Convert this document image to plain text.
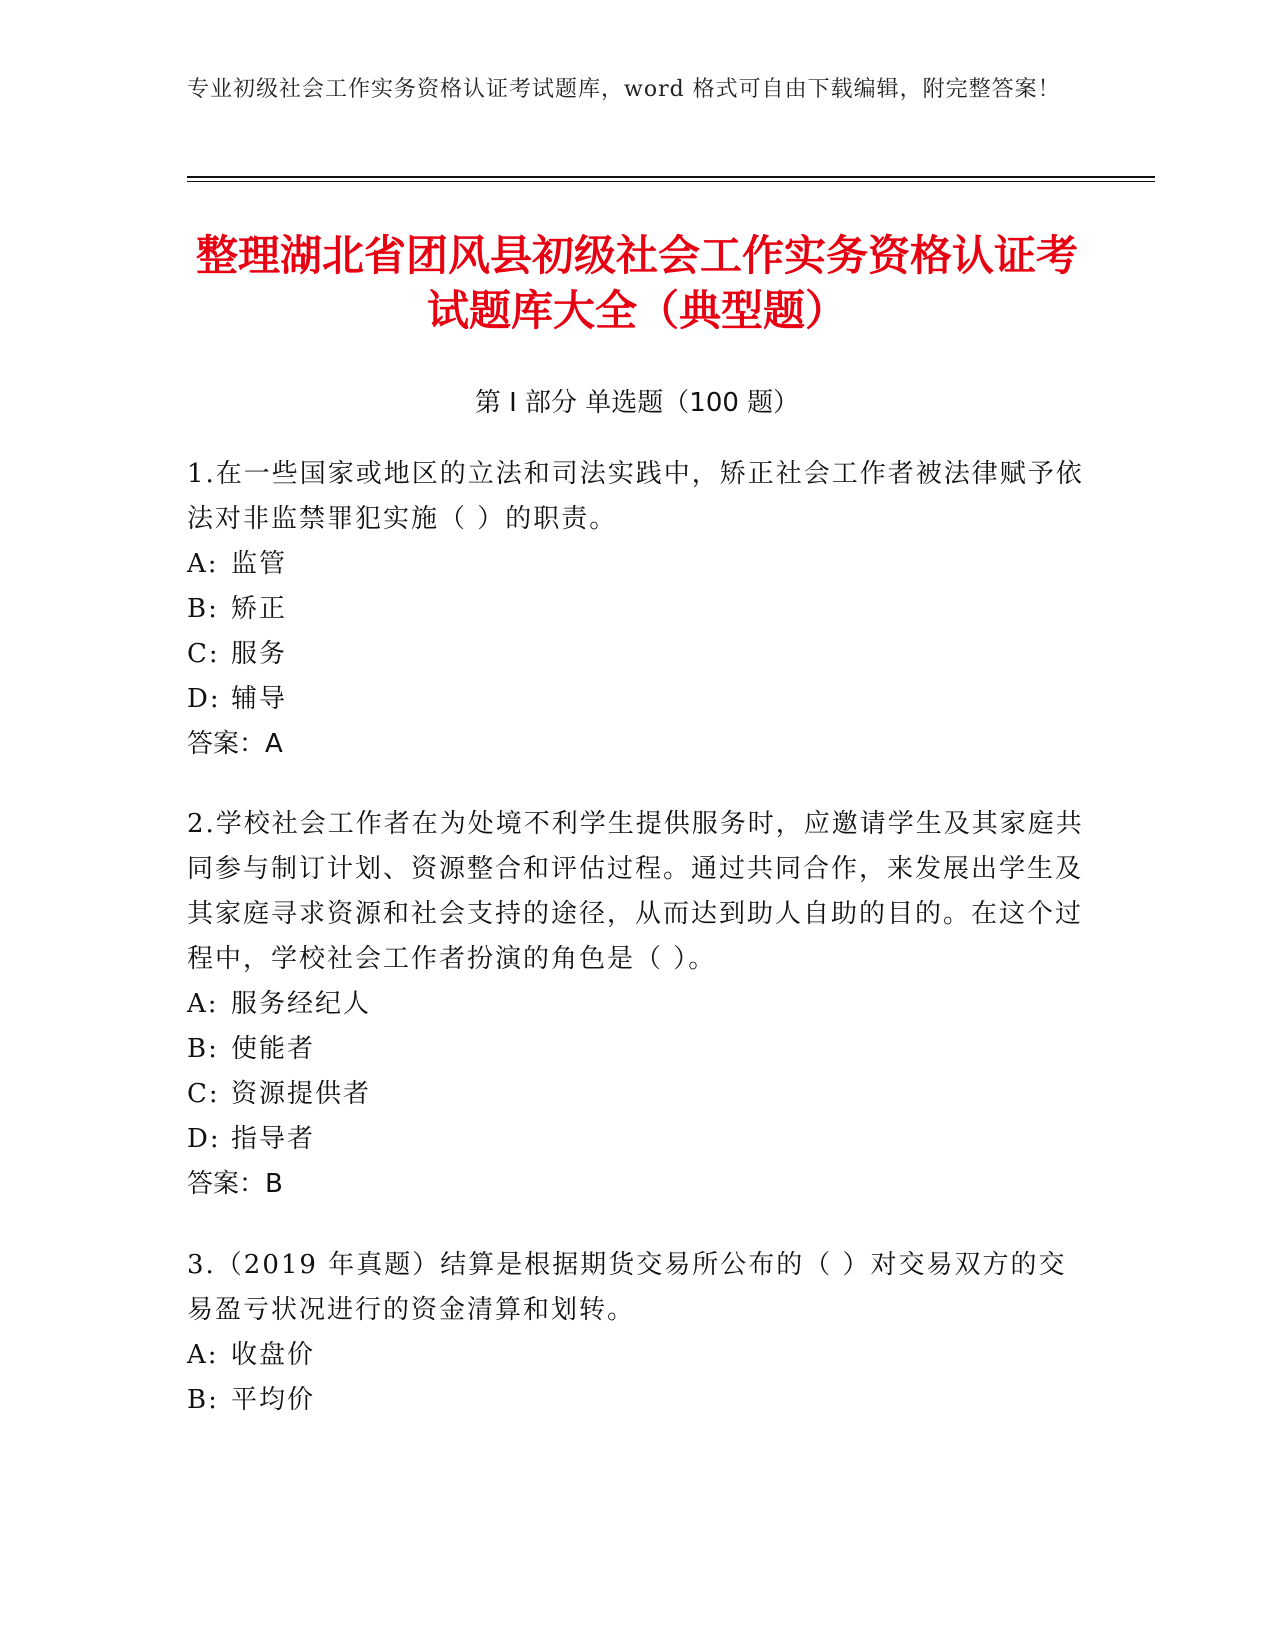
专业初级社会工作实务资格认证考试题库，word 格式可自由下载编辑，附完整答案！
整理湖北省团风县初级社会工作实务资格认证考试题库大全（典型题）
第 I 部分 单选题（100 题）

1.在一些国家或地区的立法和司法实践中，矫正社会工作者被法律赋予依法对非监禁罪犯实施（ ）的职责。

A: 监管

B: 矫正

C: 服务

D: 辅导

答案：A

2.学校社会工作者在为处境不利学生提供服务时，应邀请学生及其家庭共同参与制订计划、资源整合和评估过程。通过共同合作，来发展出学生及其家庭寻求资源和社会支持的途径，从而达到助人自助的目的。在这个过程中，学校社会工作者扮演的角色是（ ）。

A: 服务经纪人

B: 使能者

C: 资源提供者

D: 指导者

答案：B

3.（2019 年真题）结算是根据期货交易所公布的（ ）对交易双方的交易盈亏状况进行的资金清算和划转。

A: 收盘价

B: 平均价
